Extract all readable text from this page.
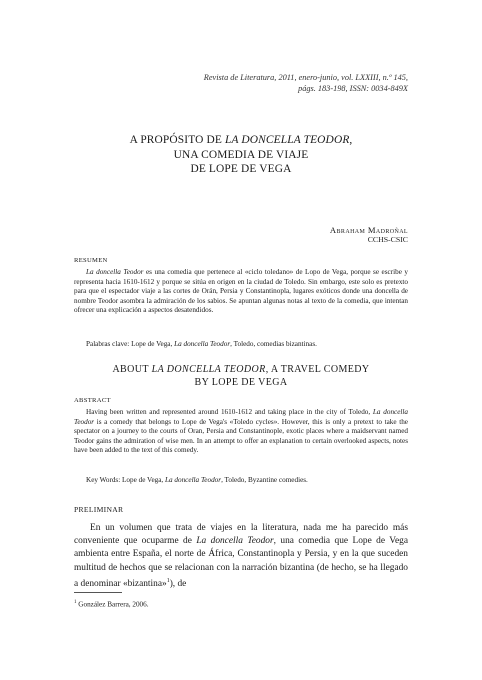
Revista de Literatura, 2011, enero-junio, vol. LXXIII, n.º 145,
págs. 183-198, ISSN: 0034-849X
A PROPÓSITO DE LA DONCELLA TEODOR,
UNA COMEDIA DE VIAJE
DE LOPE DE VEGA
Abraham Madroñal
CCHS-CSIC
RESUMEN
La doncella Teodor es una comedia que pertenece al «ciclo toledano» de Lopo de Vega, porque se escribe y representa hacia 1610-1612 y porque se sitúa en origen en la ciudad de Toledo. Sin embargo, este solo es pretexto para que el espectador viaje a las cortes de Orán, Persia y Constantinopla, lugares exóticos donde una doncella de nombre Teodor asombra la admiración de los sabios. Se apuntan algunas notas al texto de la comedia, que intentan ofrecer una explicación a aspectos desatendidos.
Palabras clave: Lope de Vega, La doncella Teodor, Toledo, comedias bizantinas.
ABOUT LA DONCELLA TEODOR, A TRAVEL COMEDY
BY LOPE DE VEGA
ABSTRACT
Having been written and represented around 1610-1612 and taking place in the city of Toledo, La doncella Teodor is a comedy that belongs to Lope de Vega's «Toledo cycles». However, this is only a pretext to take the spectator on a journey to the courts of Oran, Persia and Constantinople, exotic places where a maidservant named Teodor gains the admiration of wise men. In an attempt to offer an explanation to certain overlooked aspects, notes have been added to the text of this comedy.
Key Words: Lope de Vega, La doncella Teodor, Toledo, Byzantine comedies.
PRELIMINAR
En un volumen que trata de viajes en la literatura, nada me ha parecido más conveniente que ocuparme de La doncella Teodor, una comedia que Lope de Vega ambienta entre España, el norte de África, Constantinopla y Persia, y en la que suceden multitud de hechos que se relacionan con la narración bizantina (de hecho, se ha llegado a denominar «bizantina»$^1$), de
$^1$ González Barrera, 2006.
